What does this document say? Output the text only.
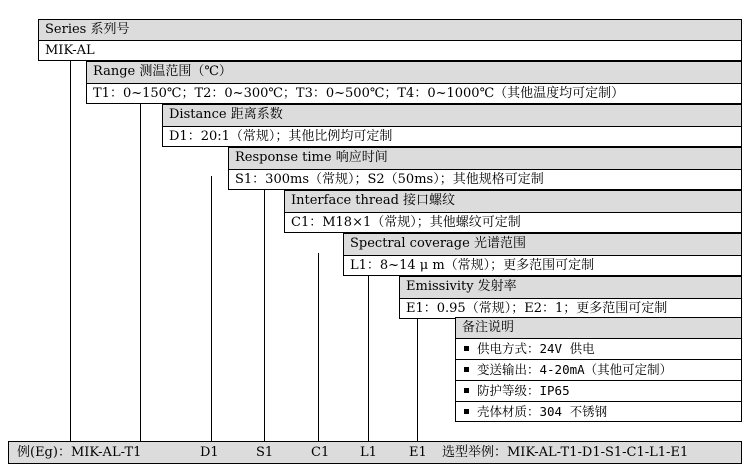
Series 系列号
MIK-AL
Range 测温范围（℃）
T1：0~150℃；T2：0~300℃；T3：0~500℃；T4：0~1000℃（其他温度均可定制）
Distance 距离系数
D1：20:1（常规）；其他比例均可定制
Response time 响应时间
S1：300ms（常规）；S2（50ms）；其他规格可定制
Interface thread 接口螺纹
C1：M18×1（常规）；其他螺纹可定制
Spectral coverage 光谱范围
L1：8~14 μ m（常规）；更多范围可定制
Emissivity 发射率
E1：0.95（常规）；E2：1；更多范围可定制
备注说明
供电方式：24V 供电
变送输出：4-20mA（其他可定制）
防护等级：IP65
壳体材质：304 不锈钢
例(Eg)：MIK-AL-T1	D1	S1	C1 L1 E1 选型举例：MIK-AL-T1-D1-S1-C1-L1-E1
